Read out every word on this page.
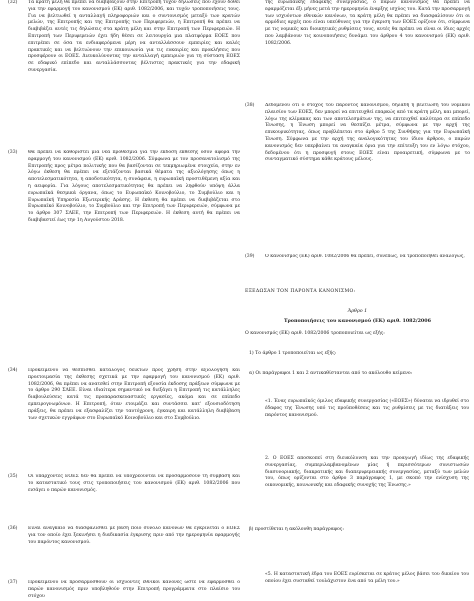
(32)	Τα κράτη μέλη θα πρέπει να διαβιβάζουν στην Επιτροπή τυχόν δηλώσεις που έχουν δοθεί για την εφαρμογή του κανονισμού (ΕΚ) αριθ. 1082/2006, και τυχόν τροποποιήσεις τους. Για να βελτιωθεί η ανταλλαγή πληροφοριών και ο συντονισμός μεταξύ των κρατών μελών, της Επιτροπής και της Επιτροπής των Περιφερειών, η Επιτροπή θα πρέπει να διαβιβάζει αυτές τις δηλώσεις στα κράτη μέλη και στην Επιτροπή των Περιφερειών. Η Επιτροπή των Περιφερειών έχει ήδη θέσει σε λειτουργία μια πλατφόρμα ΕΟΕΣ που επιτρέπει σε όσα τα ενδιαφερόμενα μέρη να ανταλλάσσουν εμπειρίες και καλές πρακτικές και να βελτιώνουν την επικοινωνία για τις ευκαιρίες και προκλήσεις που προσφέρουν οι ΕΟΕΣ. Διευκολύνοντας την ανταλλαγή εμπειριών για τη σύσταση ΕΟΕΣ σε εδαφικό επίπεδο και ανταλλάσσοντας βέλτιστες πρακτικές για την εδαφική συνεργασία.
(33)	Θα πρέπει να καθοριστεί μια νέα προθεσμία για την έκδοση έκθεσης όσον αφορά την εφαρμογή του κανονισμού (ΕΚ) αριθ. 1082/2006. Σύμφωνα με τον προσανατολισμό της Επιτροπής προς μέτρα πολιτικής που θα βασίζονται σε τεκμηριωμένα στοιχεία, στην εν λόγω έκθεση θα πρέπει να εξετάζονται βασικά θέματα της αξιολόγησης όπως η αποτελεσματικότητα, η αποδοτικότητα, η συνάφεια, η ευρωπαϊκή προστιθέμενη αξία και η αειφορία. Για λόγους αποτελεσματικότητας θα πρέπει να ληφθούν υπόψη άλλα ευρωπαϊκά θεσμικά όργανα, όπως το Ευρωπαϊκό Κοινοβούλιο, το Συμβούλιο και η Ευρωπαϊκή Υπηρεσία Εξωτερικής Δράσης. Η έκθεση θα πρέπει να διαβιβάζεται στο Ευρωπαϊκό Κοινοβούλιο, το Συμβούλιο και την Επιτροπή των Περιφερειών, σύμφωνα με το άρθρο 307 ΣΛΕΕ, την Επιτροπή των Περιφερειών. Η έκθεση αυτή θα πρέπει να διαβιβαστεί έως την 1η Αυγούστου 2018.
(34)	Προκειμένου να θεσπισθεί κατάλογος δεικτών προς χρήση στην αξιολόγηση και προετοιμασία της έκθεσης σχετικά με την εφαρμογή του κανονισμού (ΕΚ) αριθ. 1082/2006, θα πρέπει να ανατεθεί στην Επιτροπή εξουσία έκδοσης πράξεων σύμφωνα με το άρθρο 290 ΣΛΕΕ. Είναι ιδιαίτερα σημαντικό να διεξάγει η Επιτροπή τις κατάλληλες διαβουλεύσεις κατά τις προπαρασκευαστικές εργασίες, ακόμα και σε επίπεδο εμπειρογνωμόνων. Η Επιτροπή, όταν ετοιμάζει και συντάσσει κατ' εξουσιοδότηση πράξεις, θα πρέπει να εξασφαλίζει την ταυτόχρονη, έγκαιρη και κατάλληλη διαβίβαση των σχετικών εγγράφων στο Ευρωπαϊκό Κοινοβούλιο και στο Συμβούλιο.
(35)	Οι υπάρχοντες ΕΟΕΣ δεν θα πρέπει να υποχρεούνται να προσαρμόσουν τη σύμβαση και το καταστατικό τους στις τροποποιήσεις του κανονισμού (ΕΚ) αριθ. 1082/2006 που εισάγει ο παρών κανονισμός.
(36)	Είναι αναγκαίο να διασφαλισθεί με βάση ποιο σύνολο κανόνων θα εγκρίνεται ο ΕΟΕΣ για τον οποίο έχει ξεκινήσει η διαδικασία έγκρισης πριν από την ημερομηνία εφαρμογής του παρόντος κανονισμού.
(37)	Προκειμένου να προσαρμοσθούν οι ισχύοντες εθνικοί κανόνες ώστε να εφαρμοσθεί ο παρών κανονισμός πριν υποβληθούν στην Επιτροπή προγράμματα στο πλαίσιο του στόχου
της ευρωπαϊκής εδαφικής συνεργασίας, ο παρών κανονισμός θα πρέπει να εφαρμόζεται έξι μήνες μετά την ημερομηνία έναρξης ισχύος του. Κατά την προσαρμογή των ισχυόντων εθνικών κανόνων, τα κράτη μέλη θα πρέπει να διασφαλίσουν ότι οι αρμόδιες αρχές που είναι υπεύθυνες για την έγκριση των ΕΟΕΣ ορίζουν ότι, σύμφωνα με τις νομικές και διοικητικές ρυθμίσεις τους, αυτές θα πρέπει να είναι οι ίδιες αρχές που λαμβάνουν τις κοινοποιήσεις δυνάμει του άρθρου 4 του κανονισμού (ΕΚ) αριθ. 1082/2006.
(38)	Δεδομένου ότι ο στόχος του παρόντος κανονισμού, δηλαδή η βελτίωση του νομικού πλαισίου των ΕΟΕΣ, δεν μπορεί να επιτευχθεί επαρκώς από τα κράτη μέλη, και μπορεί, λόγω της κλίμακας και των αποτελεσμάτων της, να επιτευχθεί καλύτερα σε επίπεδο Ένωσης, η Ένωση μπορεί να θεσπίζει μέτρα, σύμφωνα με την αρχή της επικουρικότητας, όπως προβλέπεται στο άρθρο 5 της Συνθήκης για την Ευρωπαϊκή Ένωση. Σύμφωνα με την αρχή της αναλογικότητας του ίδιου άρθρου, ο παρών κανονισμός δεν υπερβαίνει τα αναγκαία όρια για την επίτευξη του εν λόγω στόχου, δεδομένου ότι η προσφυγή στους ΕΟΕΣ είναι προαιρετική, σύμφωνα με το συνταγματικό σύστημα κάθε κράτους μέλους.
(39)	Ο κανονισμός (ΕΚ) αριθ. 1082/2006 θα πρέπει, συνεπώς, να τροποποιηθεί αναλόγως,
ΕΞΕΔΩΣΑΝ ΤΟΝ ΠΑΡΟΝΤΑ ΚΑΝΟΝΙΣΜΟ:
Άρθρο 1
Τροποποιήσεις του κανονισμού (ΕΚ) αριθ. 1082/2006
Ο κανονισμός (ΕΚ) αριθ. 1082/2006 τροποποιείται ως εξής:
1) Το άρθρο 1 τροποποιείται ως εξής:
α) Οι παράγραφοι 1 και 2 αντικαθίστανται από το ακόλουθο κείμενο:
«1. Ένας ευρωπαϊκός όμιλος εδαφικής συνεργασίας («ΕΟΕΣ») δύναται να ιδρυθεί στο έδαφος της Ένωσης υπό τις προϋποθέσεις και τις ρυθμίσεις με τις διατάξεις του παρόντος κανονισμού.
2. Ο ΕΟΕΣ αποσκοπεί στη διευκόλυνση και την προαγωγή ιδίως της εδαφικής συνεργασίας, συμπεριλαμβανομένων μίας ή περισσότερων συνιστωσών διασυνοριακής, διακρατικής και διαπεριφερειακής συνεργασίας, μεταξύ των μελών του, όπως ορίζονται στο άρθρο 3 παράγραφος 1, με σκοπό την ενίσχυση της οικονομικής, κοινωνικής και εδαφικής συνοχής της Ένωσης.»
β) προστίθεται η ακόλουθη παράγραφος:
«5. Η καταστατική έδρα του ΕΟΕΣ ευρίσκεται σε κράτος μέλος βάσει του δικαίου του οποίου έχει συσταθεί τουλάχιστον ένα από τα μέλη του.»
